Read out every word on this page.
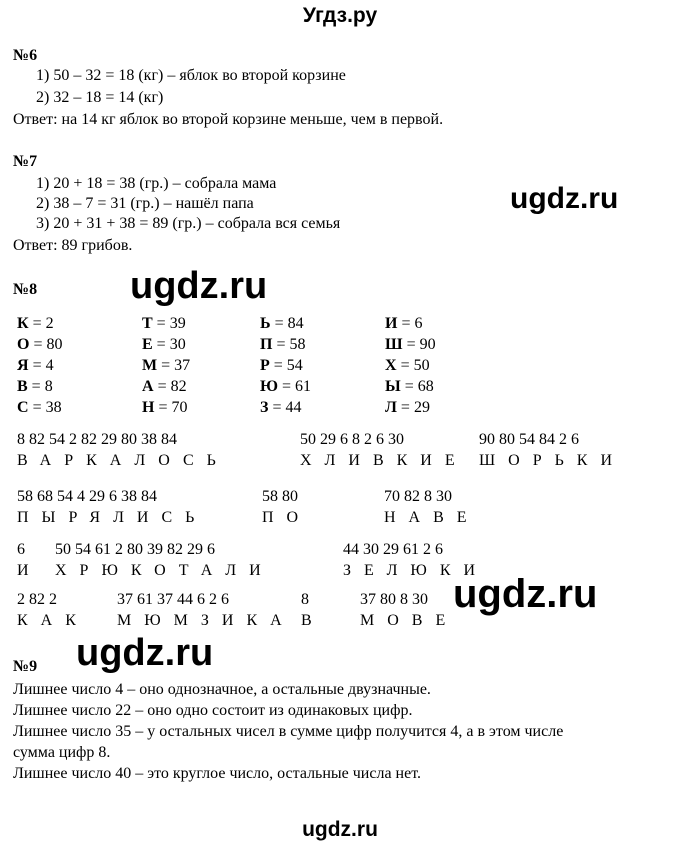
Угдз.ру
№6
1) 50 – 32 = 18 (кг) – яблок во второй корзине
2) 32 – 18 = 14 (кг)
Ответ: на 14 кг яблок во второй корзине меньше, чем в первой.
№7
1) 20 + 18 = 38 (гр.) – собрала мама
2) 38 – 7 = 31 (гр.) – нашёл папа
3) 20 + 31 + 38 = 89 (гр.) – собрала вся семья
Ответ: 89 грибов.
ugdz.ru
№8 ugdz.ru
К = 2	Т = 39	Ь = 84	И = 6
О = 80	Е = 30	П = 58	Ш = 90
Я = 4	М = 37	Р = 54	Х = 50
В = 8	А = 82	Ю = 61	Ы = 68
С = 38	Н = 70	З = 44	Л = 29
8 82 54 2 82 29 80 38 84
ВАРКАЛОСЬ
50 29 6 8 2 6 30
ХЛИВКИЕ
90 80 54 84 2 6
ШОРЬКИ
58 68 54 4 29 6 38 84
ПЫРЯЛИСЬ
58 80
ПО
70 82 8 30
НАВЕ
6
И
50 54 61 2 80 39 82 29 6
ХРЮКОТАЛИ
44 30 29 61 2 6
ЗЕЛЮКИ
2 82 2
КАК
37 61 37 44 6 2 6
МЮМЗИКА
8
В
37 80 8 30
МОВЕ
ugdz.ru
№9 ugdz.ru
Лишнее число 4 – оно однозначное, а остальные двузначные.
Лишнее число 22 – оно одно состоит из одинаковых цифр.
Лишнее число 35 – у остальных чисел в сумме цифр получится 4, а в этом числе
сумма цифр 8.
Лишнее число 40 – это круглое число, остальные числа нет.
ugdz.ru
